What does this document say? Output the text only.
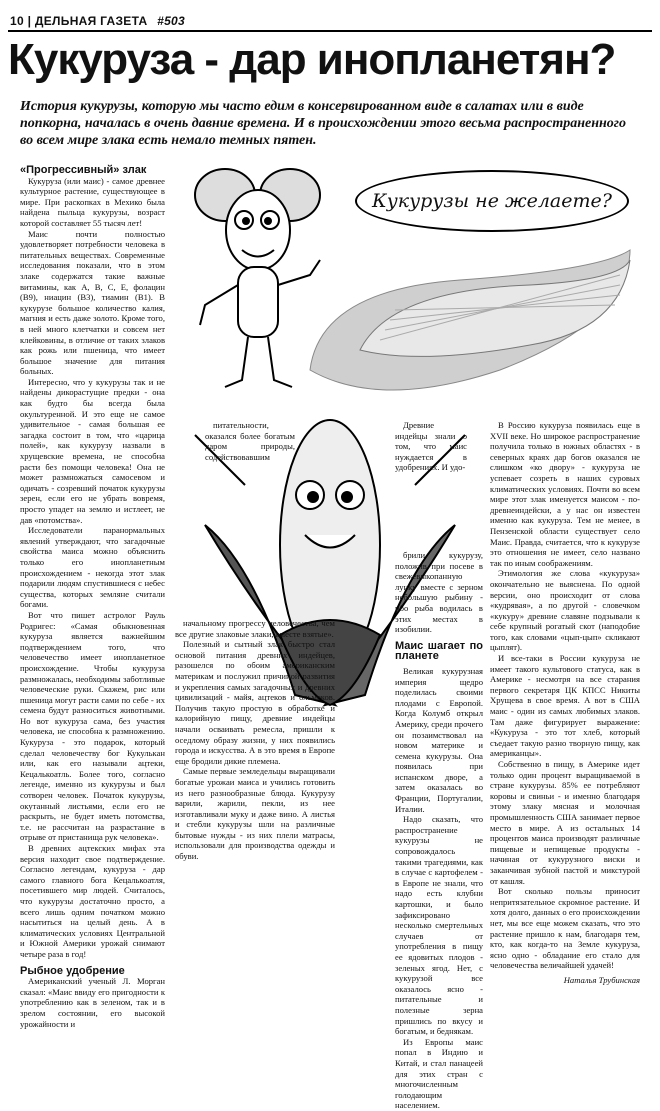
10 | ДЕЛЬНАЯ ГАЗЕТА #503
Кукуруза - дар инопланетян?
История кукурузы, которую мы часто едим в консервированном виде в салатах или в виде попкорна, началась в очень давние времена. И в происхождении этого весьма распространенного во всем мире злака есть немало темных пятен.
Кукурузы не желаете?
«Прогрессивный» злак

Кукуруза (или маис) - самое древнее культурное растение, существующее в мире. При раскопках в Мехико была найдена пыльца кукурузы, возраст которой составляет 55 тысяч лет!

Маис почти полностью удовлетворяет потребности человека в питательных веществах. Современные исследования показали, что в этом злаке содержатся такие важные витамины, как А, В, С, Е, фолацин (В9), ниацин (В3), тиамин (В1). В кукурузе большое количество калия, магния и есть даже золото. Кроме того, в ней много клетчатки и совсем нет клейковины, в отличие от таких злаков как рожь или пшеница, что имеет большое значение для питания больных.

Интересно, что у кукурузы так и не найдены дикорастущие предки - она как будто бы всегда была окультуренной. И это еще не самое удивительное - самая большая ее загадка состоит в том, что «царица полей», как кукурузу назвали в хрущевские времена, не способна расти без помощи человека! Она не может размножаться самосевом и одичать - созревший початок кукурузы зерен, если его не убрать вовремя, просто упадет на землю и истлеет, не дав «потомства».

Исследователи паранормальных явлений утверждают, что загадочные свойства маиса можно объяснить только его инопланетным происхождением - некогда этот злак подарили людям спустившиеся с небес существа, которых земляне считали богами.

Вот что пишет астролог Рауль Родригес: «Самая обыкновенная кукуруза является важнейшим подтверждением того, что человечество имеет инопланетное происхождение. Чтобы кукуруза размножалась, необходимы заботливые человеческие руки. Скажем, рис или пшеница могут расти сами по себе - их семена будут разноситься животными. Но вот кукуруза сама, без участия человека, не способна к размножению. Кукуруза - это подарок, который сделал человечеству бог Кукулькан или, как его называли ацтеки, Кецалькоатль. Более того, согласно легенде, именно из кукурузы и был сотворен человек. Початок кукурузы, окутанный листьями, если его не раскрыть, не будет иметь потомства, т.е. не рассчитан на разрастание в отрыве от пристанища рук человека».

В древних ацтекских мифах эта версия находит свое подтверждение. Согласно легендам, кукуруза - дар самого главного бога Кецалькоатля, посетившего мир людей. Считалось, что кукурузы достаточно просто, а всего лишь одним початком можно насытиться на целый день. А в климатических условиях Центральной и Южной Америки урожай снимают четыре раза в год!

Рыбное удобрение

Американский ученый Л. Морган сказал: «Маис ввиду его пригодности к употреблению как в зеленом, так и в зрелом состоянии, его высокой урожайности и

питательности, оказался более богатым даром природы, содействовавшим

Древние индейцы знали о том, что маис нуждается в удобрениях. И удо-

начальному прогрессу человечества, чем все другие злаковые злаки, вместе взятые».

Полезный и сытный злак быстро стал основой питания древних индейцев, разошелся по обоим американским материкам и послужил причиной развития и укрепления самых загадочных и древних цивилизаций - майя, ацтеков и ольмеков. Получив такую простую в обработке и калорийную пищу, древние индейцы начали осваивать ремесла, пришли к оседлому образу жизни, у них появились города и искусства. А в это время в Европе еще бродили дикие племена.

Самые первые земледельцы выращивали богатые урожаи маиса и учились готовить из него разнообразные блюда. Кукурузу варили, жарили, пекли, из нее изготавливали муку и даже вино. А листья и стебли кукурузы шли на различные бытовые нужды - из них плели матрасы, использовали для производства одежды и обуви.

брили кукурузу, положив при посеве в свежевыкопанную лунку вместе с зерном небольшую рыбину - ибо рыба водилась в этих местах в изобилии.

Маис шагает по планете

Великая кукурузная империя щедро поделилась своими плодами с Европой. Когда Колумб открыл Америку, среди прочего он позаимствовал на новом материке и семена кукурузы. Она появилась при испанском дворе, а затем оказалась во Франции, Португалии, Италии.

Надо сказать, что распространение кукурузы не сопровождалось такими трагедиями, как в случае с картофелем - в Европе не знали, что надо есть клубни картошки, и было зафиксировано несколько смертельных случаев от употребления в пищу ее ядовитых плодов - зеленых ягод. Нет, с кукурузой все оказалось ясно - питательные и полезные зерна пришлись по вкусу и богатым, и беднякам.

Из Европы маис попал в Индию и Китай, и стал панацеей для этих стран с многочисленным голодающим населением.

В Россию кукуруза появилась еще в XVII веке. Но широкое распространение получила только в южных областях - в северных краях дар богов оказался не слишком «ко двору» - кукуруза не успевает созреть в наших суровых климатических условиях. Почти во всем мире этот злак именуется маисом - по-древнеиндейски, а у нас он известен именно как кукуруза. Тем не менее, в Пензенской области существует село Маис. Правда, считается, что к кукурузе это отношения не имеет, село названо так по иным соображениям.

Этимология же слова «кукуруза» окончательно не выяснена. По одной версии, оно происходит от слова «кудрявая», а по другой - словечком «кукуру» древние славяне подзывали к себе крупный рогатый скот (наподобие того, как словами «цып-цып» скликают цыплят).

И все-таки в России кукуруза не имеет такого культового статуса, как в Америке - несмотря на все старания первого секретаря ЦК КПСС Никиты Хрущева в свое время. А вот в США маис - один из самых любимых злаков. Там даже фигурирует выражение: «Кукуруза - это тот хлеб, который съедает такую разно творную пищу, как американцы».

Собственно в пищу, в Америке идет только один процент выращиваемой в стране кукурузы. 85% ее потребляют коровы и свиньи - и именно благодаря этому злаку мясная и молочная промышленность США занимает первое место в мире. А из остальных 14 процентов маиса производят различные пищевые и непищевые продукты - начиная от кукурузного виски и заканчивая зубной пастой и микстурой от кашля.

Вот сколько пользы приносит непритязательное скромное растение. И хотя долго, данных о его происхождении нет, мы все еще можем сказать, что это растение пришло к нам, благодаря тем, кто, как когда-то на Земле кукуруза, ясно одно - обладание его стало для человечества величайшей удачей!

Наталья Трубинская
